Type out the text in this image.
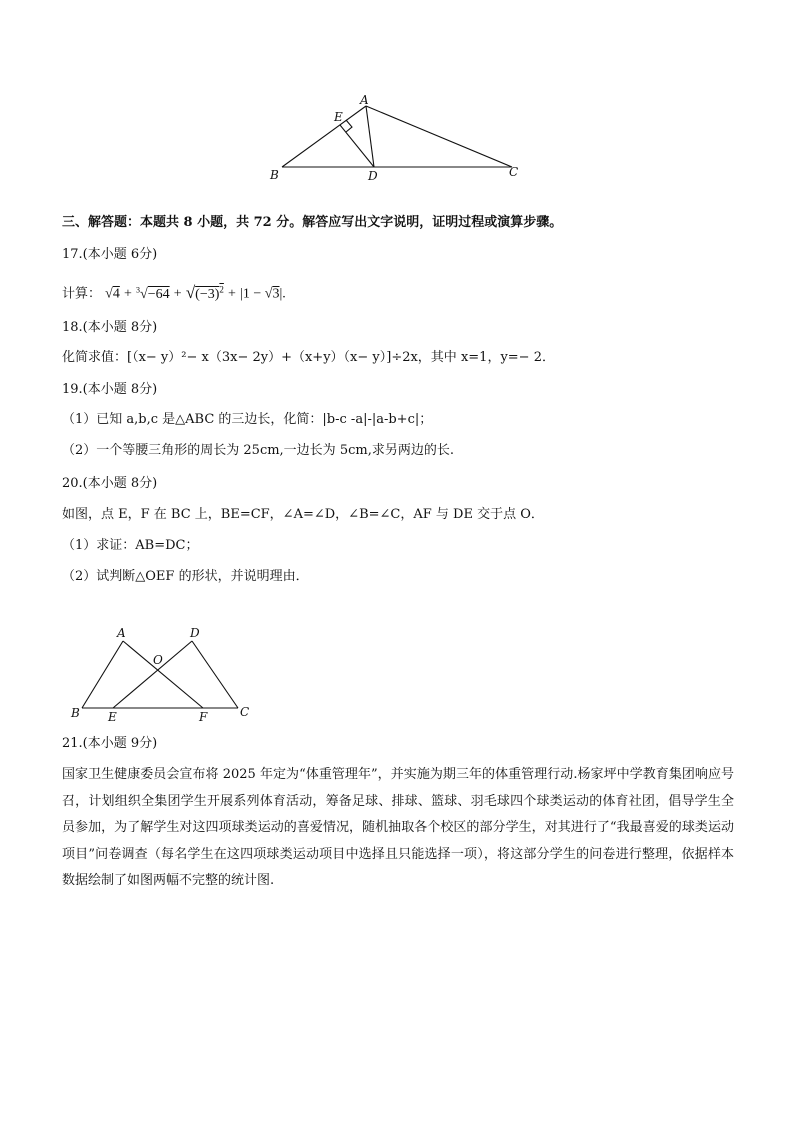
A
E
B	D	C
三、解答题：本题共 8 小题，共 72 分。解答应写出文字说明，证明过程或演算步骤。
17.(本小题 6分)
计算： $√4 + ^3√-64 + √(-3)^2 + |1 - √3|$.
18.(本小题 8分)
化简求值：[（x− y）²− x（3x− 2y）+（x+y）（x− y）]÷2x，其中 x=1，y=− 2．
19.(本小题 8分)
（1）已知 a,b,c 是△ABC 的三边长，化简：|b-c -a|-|a-b+c|；
（2）一个等腰三角形的周长为 25cm,一边长为 5cm,求另两边的长.
20.(本小题 8分)
如图，点 E，F 在 BC 上，BE=CF，∠A=∠D，∠B=∠C，AF 与 DE 交于点 O．
（1）求证：AB=DC；
（2）试判断△OEF 的形状，并说明理由．
A	D
O
B E	F	C
21.(本小题 9分)
国家卫生健康委员会宣布将 2025 年定为“体重管理年”，并实施为期三年的体重管理行动.杨家坪中学教育集团响应号召，计划组织全集团学生开展系列体育活动，筹备足球、排球、篮球、羽毛球四个球类运动的体育社团，倡导学生全员参加，为了解学生对这四项球类运动的喜爱情况，随机抽取各个校区的部分学生，对其进行了“我最喜爱的球类运动项目”问卷调查（每名学生在这四项球类运动项目中选择且只能选择一项），将这部分学生的问卷进行整理，依据样本数据绘制了如图两幅不完整的统计图.
